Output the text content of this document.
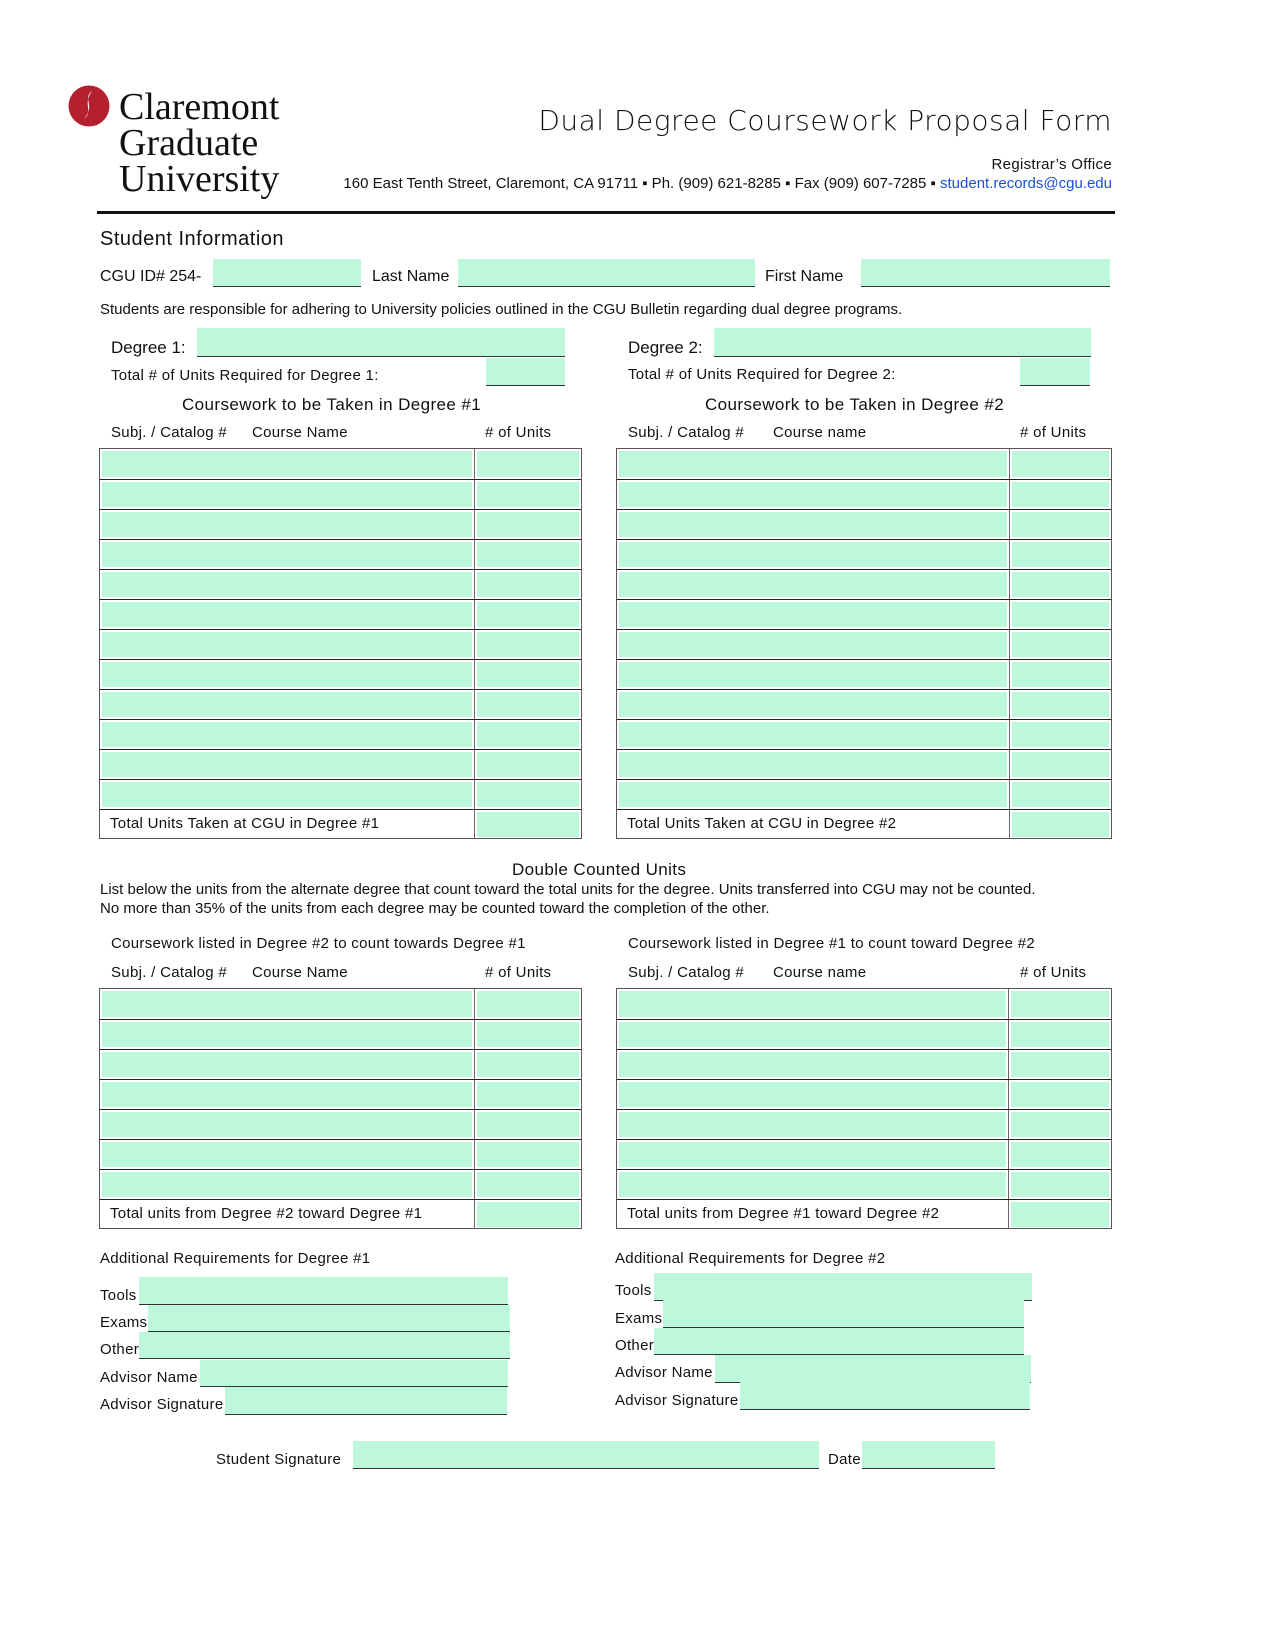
Claremont
Graduate
University
Dual Degree Coursework Proposal Form
Registrar’s Office
160 East Tenth Street, Claremont, CA 91711 ▪ Ph. (909) 621-8285 ▪ Fax (909) 607-7285 ▪ student.records@cgu.edu
Student Information
CGU ID# 254-	Last Name	First Name
Students are responsible for adhering to University policies outlined in the CGU Bulletin regarding dual degree programs.
Degree 1:
Total # of Units Required for Degree 1:
Degree 2:
Total # of Units Required for Degree 2:
Coursework to be Taken in Degree #1	Coursework to be Taken in Degree #2
Subj. / Catalog # Course Name	# of Units	Subj. / Catalog # Course name	# of Units
Total Units Taken at CGU in Degree #1	Total Units Taken at CGU in Degree #2
Double Counted Units
List below the units from the alternate degree that count toward the total units for the degree. Units transferred into CGU may not be counted.
No more than 35% of the units from each degree may be counted toward the completion of the other.
Coursework listed in Degree #2 to count towards Degree #1	Coursework listed in Degree #1 to count toward Degree #2
Subj. / Catalog # Course Name	# of Units	Subj. / Catalog # Course name	# of Units
Total units from Degree #2 toward Degree #1	Total units from Degree #1 toward Degree #2
Additional Requirements for Degree #1	Additional Requirements for Degree #2
Tools
Exams
Other
Advisor Name
Advisor Signature
Tools
Exams
Other
Advisor Name
Advisor Signature
Student Signature	Date
